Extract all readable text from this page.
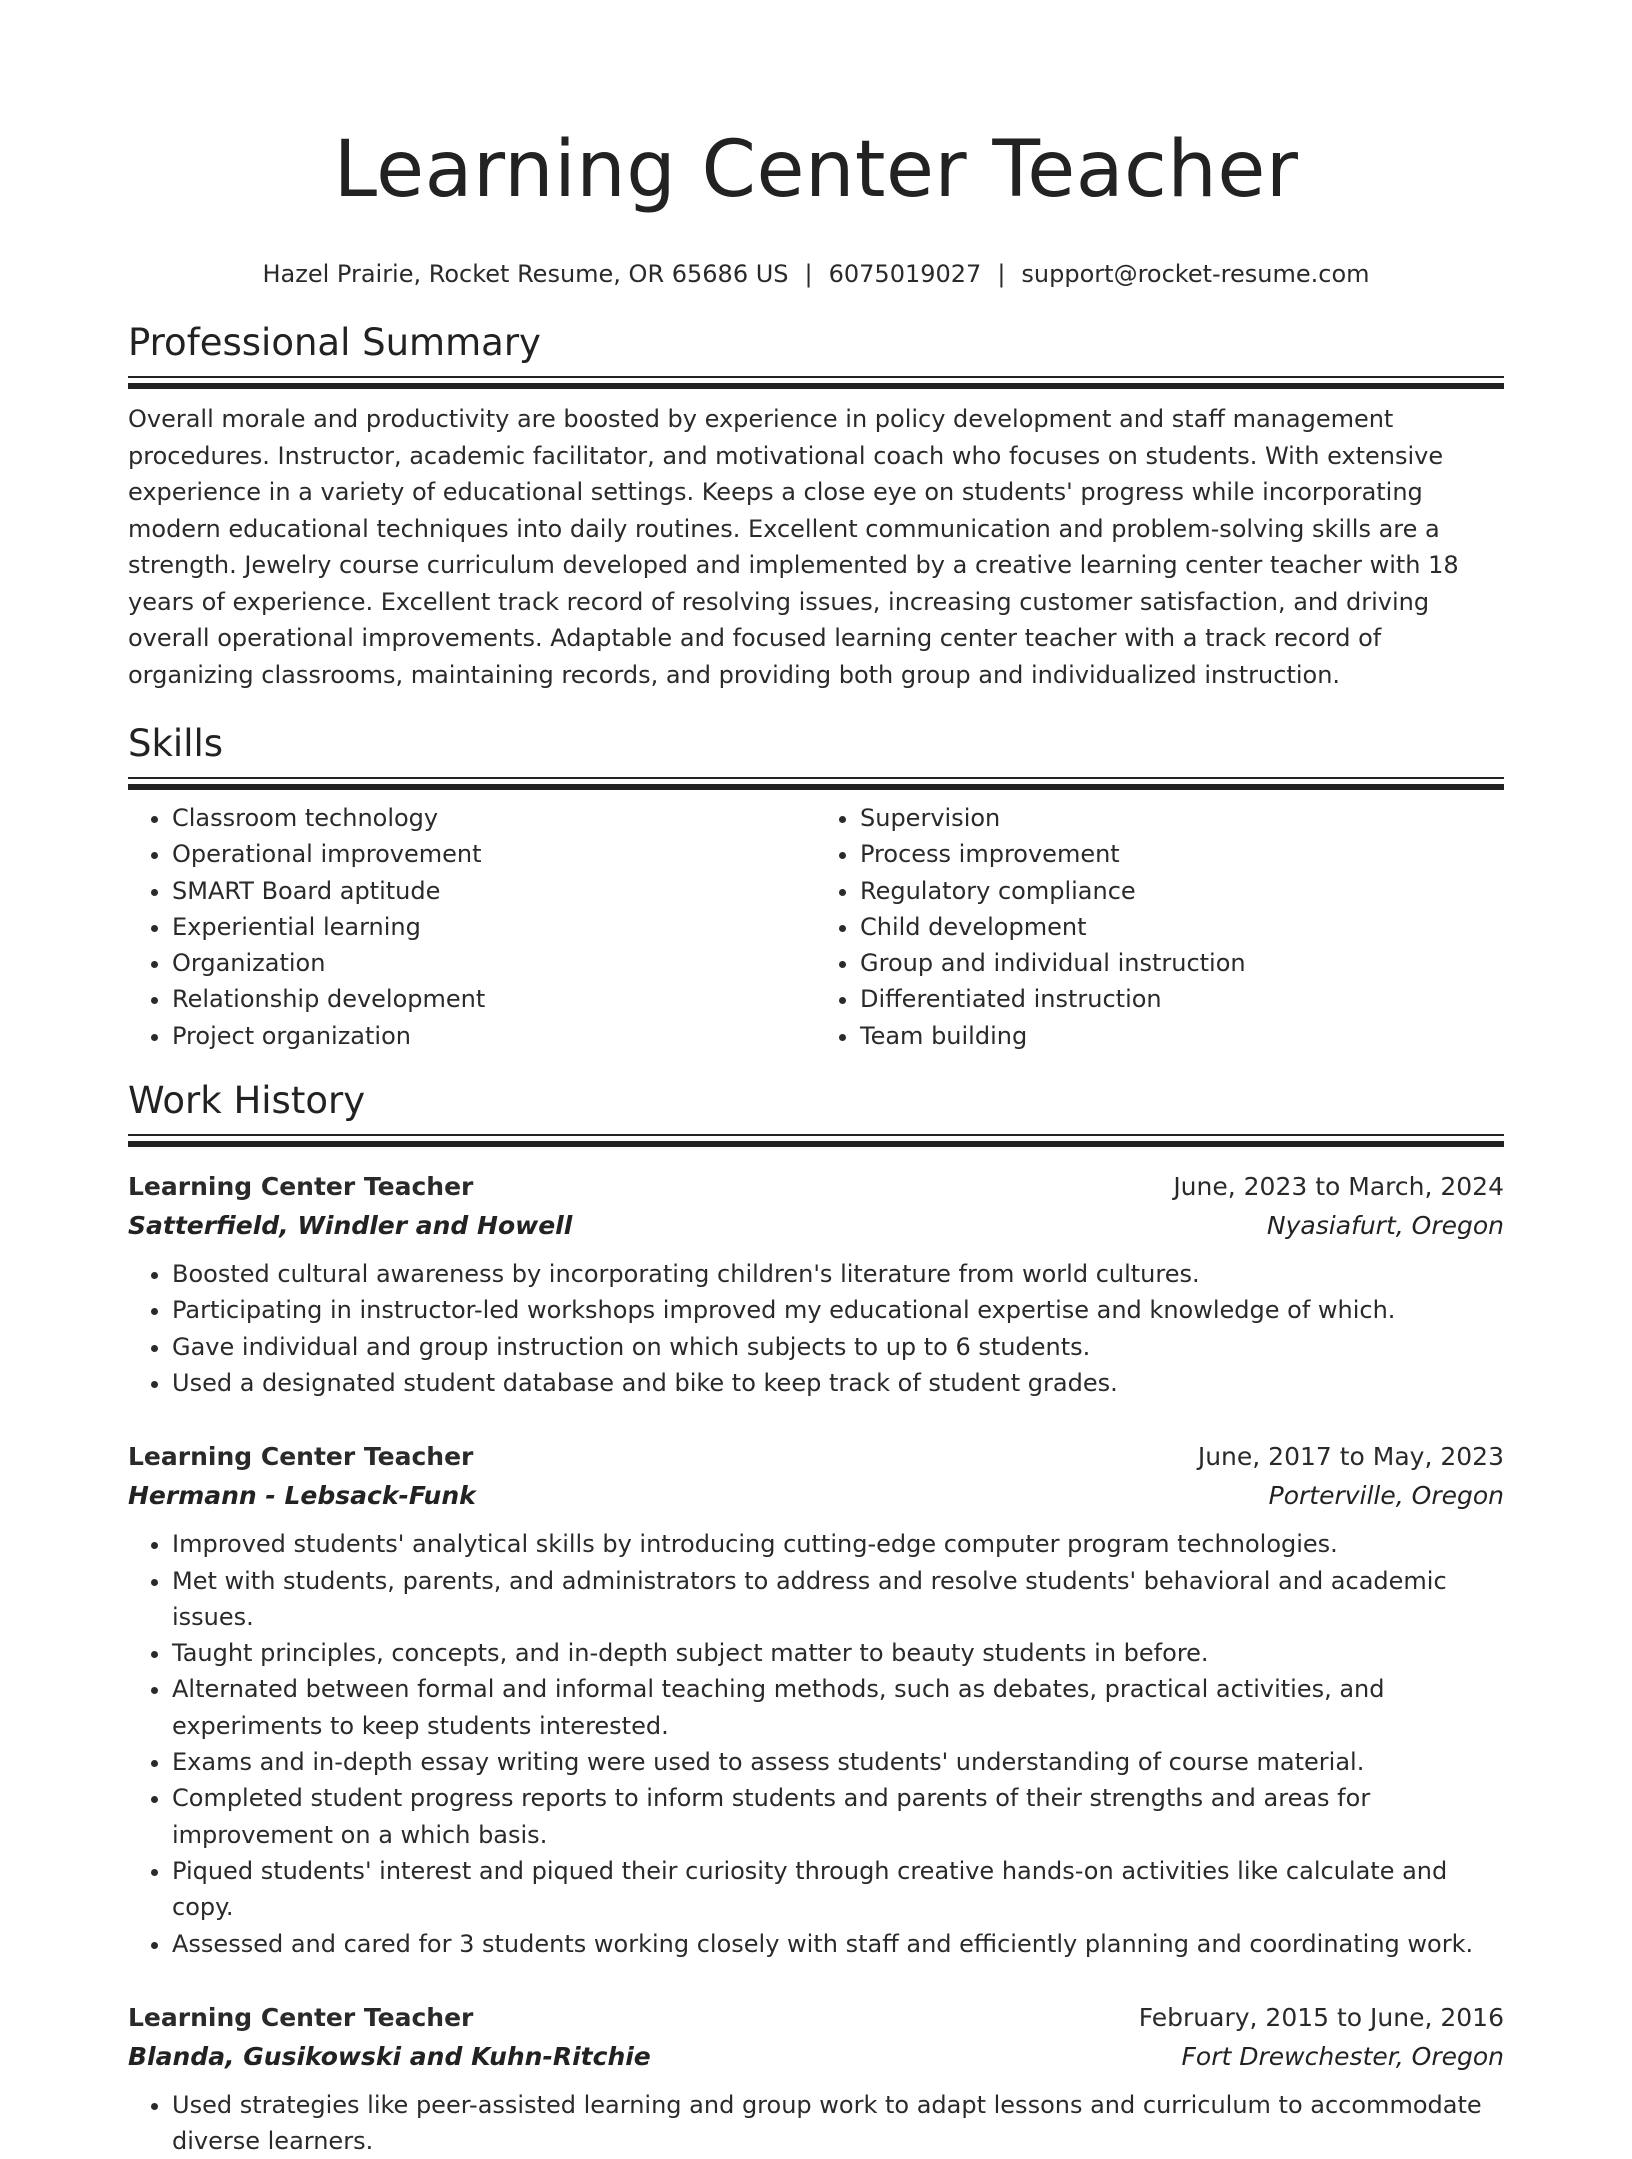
Learning Center Teacher
Hazel Prairie, Rocket Resume, OR 65686 US | 6075019027 | support@rocket-resume.com
Professional Summary

Overall morale and productivity are boosted by experience in policy development and staff management procedures. Instructor, academic facilitator, and motivational coach who focuses on students. With extensive experience in a variety of educational settings. Keeps a close eye on students' progress while incorporating modern educational techniques into daily routines. Excellent communication and problem-solving skills are a strength. Jewelry course curriculum developed and implemented by a creative learning center teacher with 18 years of experience. Excellent track record of resolving issues, increasing customer satisfaction, and driving overall operational improvements. Adaptable and focused learning center teacher with a track record of organizing classrooms, maintaining records, and providing both group and individualized instruction.

Skills
• Classroom technology
• Operational improvement
• SMART Board aptitude
• Experiential learning
• Organization
• Relationship development
• Project organization
• Supervision
• Process improvement
• Regulatory compliance
• Child development
• Group and individual instruction
• Differentiated instruction
• Team building
Work History
Learning Center Teacher	June, 2023 to March, 2024
Satterfield, Windler and Howell	Nyasiafurt, Oregon
• Boosted cultural awareness by incorporating children's literature from world cultures.
• Participating in instructor-led workshops improved my educational expertise and knowledge of which.
• Gave individual and group instruction on which subjects to up to 6 students.
• Used a designated student database and bike to keep track of student grades.
Learning Center Teacher	June, 2017 to May, 2023
Hermann - Lebsack-Funk	Porterville, Oregon
• Improved students' analytical skills by introducing cutting-edge computer program technologies.
• Met with students, parents, and administrators to address and resolve students' behavioral and academic issues.
• Taught principles, concepts, and in-depth subject matter to beauty students in before.
• Alternated between formal and informal teaching methods, such as debates, practical activities, and experiments to keep students interested.
• Exams and in-depth essay writing were used to assess students' understanding of course material.
• Completed student progress reports to inform students and parents of their strengths and areas for improvement on a which basis.
• Piqued students' interest and piqued their curiosity through creative hands-on activities like calculate and copy.
• Assessed and cared for 3 students working closely with staff and efficiently planning and coordinating work.
Learning Center Teacher	February, 2015 to June, 2016
Blanda, Gusikowski and Kuhn-Ritchie	Fort Drewchester, Oregon
• Used strategies like peer-assisted learning and group work to adapt lessons and curriculum to accommodate diverse learners.
